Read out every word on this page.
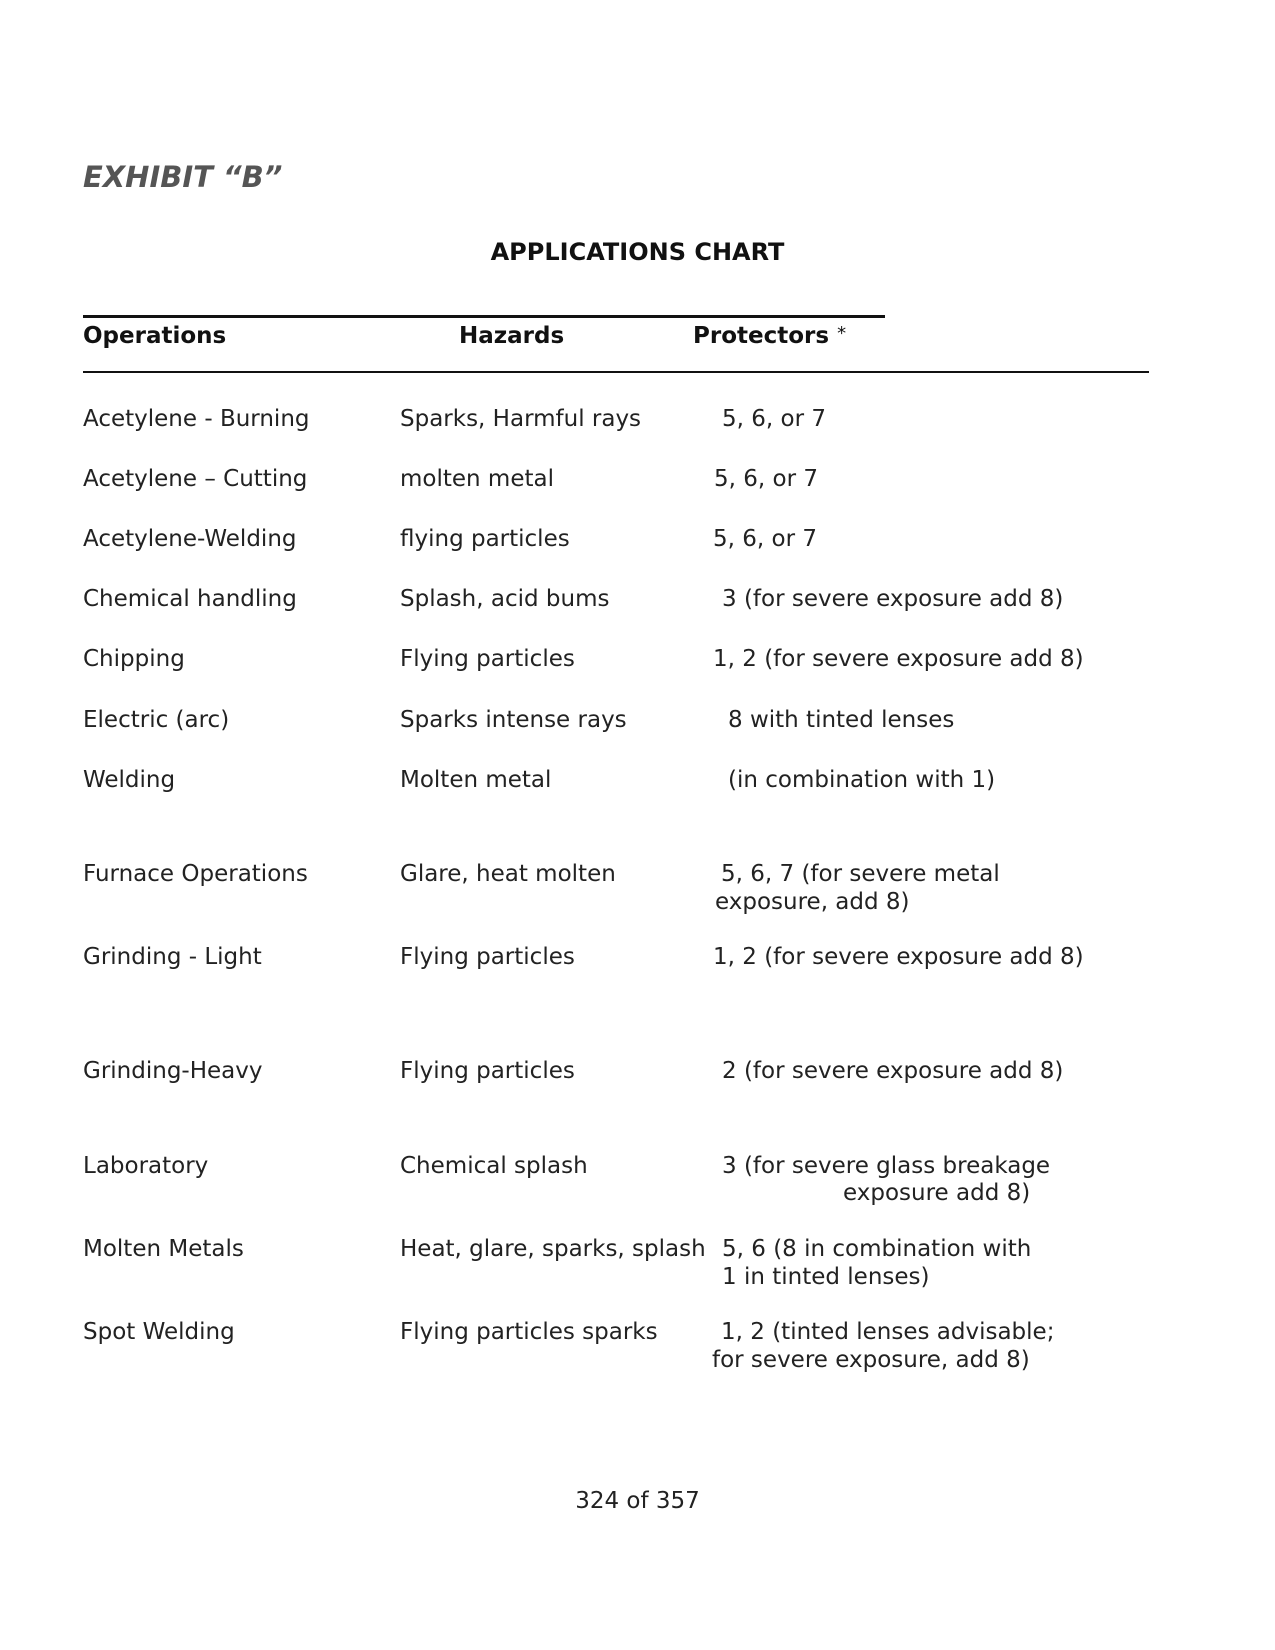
EXHIBIT “B”
APPLICATIONS CHART
Operations	Hazards	Protectors *
Acetylene - Burning	Sparks, Harmful rays	5, 6, or 7
Acetylene – Cutting	molten metal	5, 6, or 7
Acetylene-Welding	flying particles	5, 6, or 7
Chemical handling	Splash, acid bums	3 (for severe exposure add 8)
Chipping	Flying particles	1, 2 (for severe exposure add 8)
Electric (arc)	Sparks intense rays	8 with tinted lenses
Welding	Molten metal	(in combination with 1)
Furnace Operations	Glare, heat molten	5, 6, 7 (for severe metal
exposure, add 8)
Grinding - Light	Flying particles	1, 2 (for severe exposure add 8)
Grinding-Heavy	Flying particles	2 (for severe exposure add 8)
Laboratory	Chemical splash	3 (for severe glass breakage
exposure add 8)
Molten Metals	Heat, glare, sparks, splash 5, 6 (8 in combination with
1 in tinted lenses)
Spot Welding	Flying particles sparks	1, 2 (tinted lenses advisable;
for severe exposure, add 8)
324 of 357
